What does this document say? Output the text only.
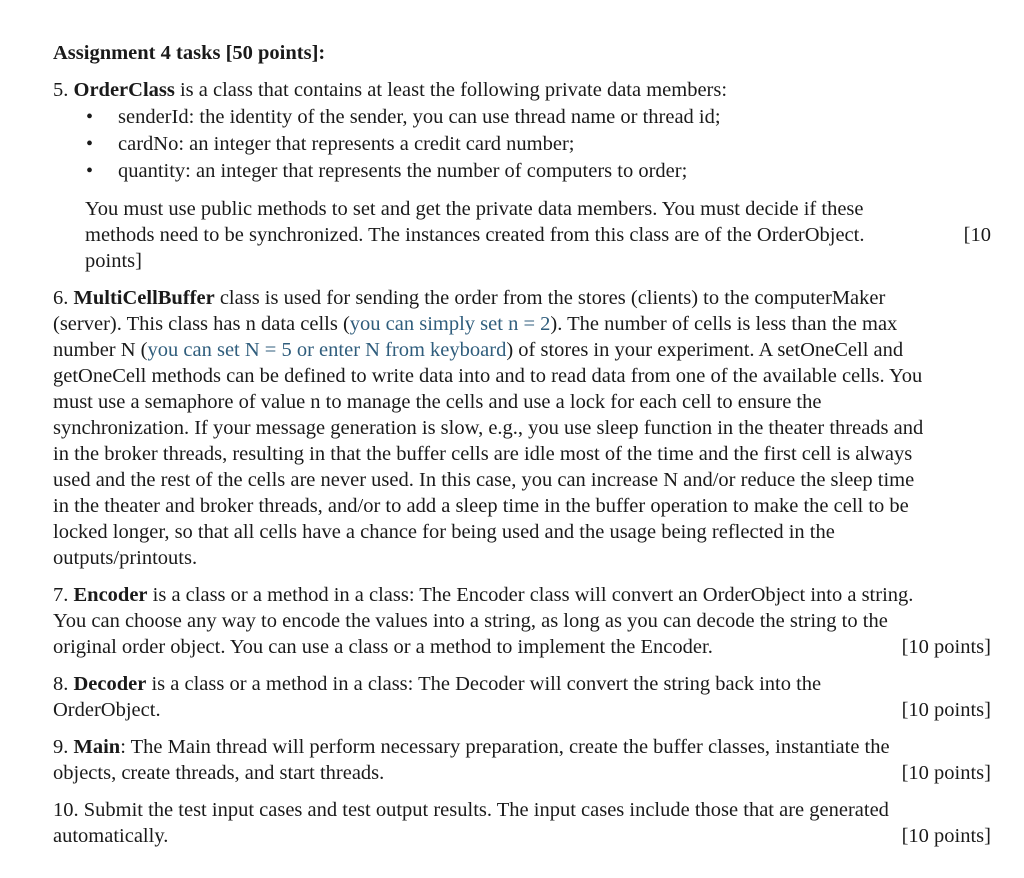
Assignment 4 tasks [50 points]:
5. OrderClass is a class that contains at least the following private data members:
• senderId: the identity of the sender, you can use thread name or thread id;
• cardNo: an integer that represents a credit card number;
• quantity: an integer that represents the number of computers to order;
You must use public methods to set and get the private data members. You must decide if these
methods need to be synchronized. The instances created from this class are of the OrderObject.	[10
points]
6. MultiCellBuffer class is used for sending the order from the stores (clients) to the computerMaker
(server). This class has n data cells (you can simply set n = 2). The number of cells is less than the max
number N (you can set N = 5 or enter N from keyboard) of stores in your experiment. A setOneCell and
getOneCell methods can be defined to write data into and to read data from one of the available cells. You
must use a semaphore of value n to manage the cells and use a lock for each cell to ensure the
synchronization. If your message generation is slow, e.g., you use sleep function in the theater threads and
in the broker threads, resulting in that the buffer cells are idle most of the time and the first cell is always
used and the rest of the cells are never used. In this case, you can increase N and/or reduce the sleep time
in the theater and broker threads, and/or to add a sleep time in the buffer operation to make the cell to be
locked longer, so that all cells have a chance for being used and the usage being reflected in the
outputs/printouts.
7. Encoder is a class or a method in a class: The Encoder class will convert an OrderObject into a string.
You can choose any way to encode the values into a string, as long as you can decode the string to the
original order object. You can use a class or a method to implement the Encoder.	[10 points]
8. Decoder is a class or a method in a class: The Decoder will convert the string back into the
OrderObject.	[10 points]
9. Main: The Main thread will perform necessary preparation, create the buffer classes, instantiate the
objects, create threads, and start threads.	[10 points]
10. Submit the test input cases and test output results. The input cases include those that are generated
automatically.	[10 points]
